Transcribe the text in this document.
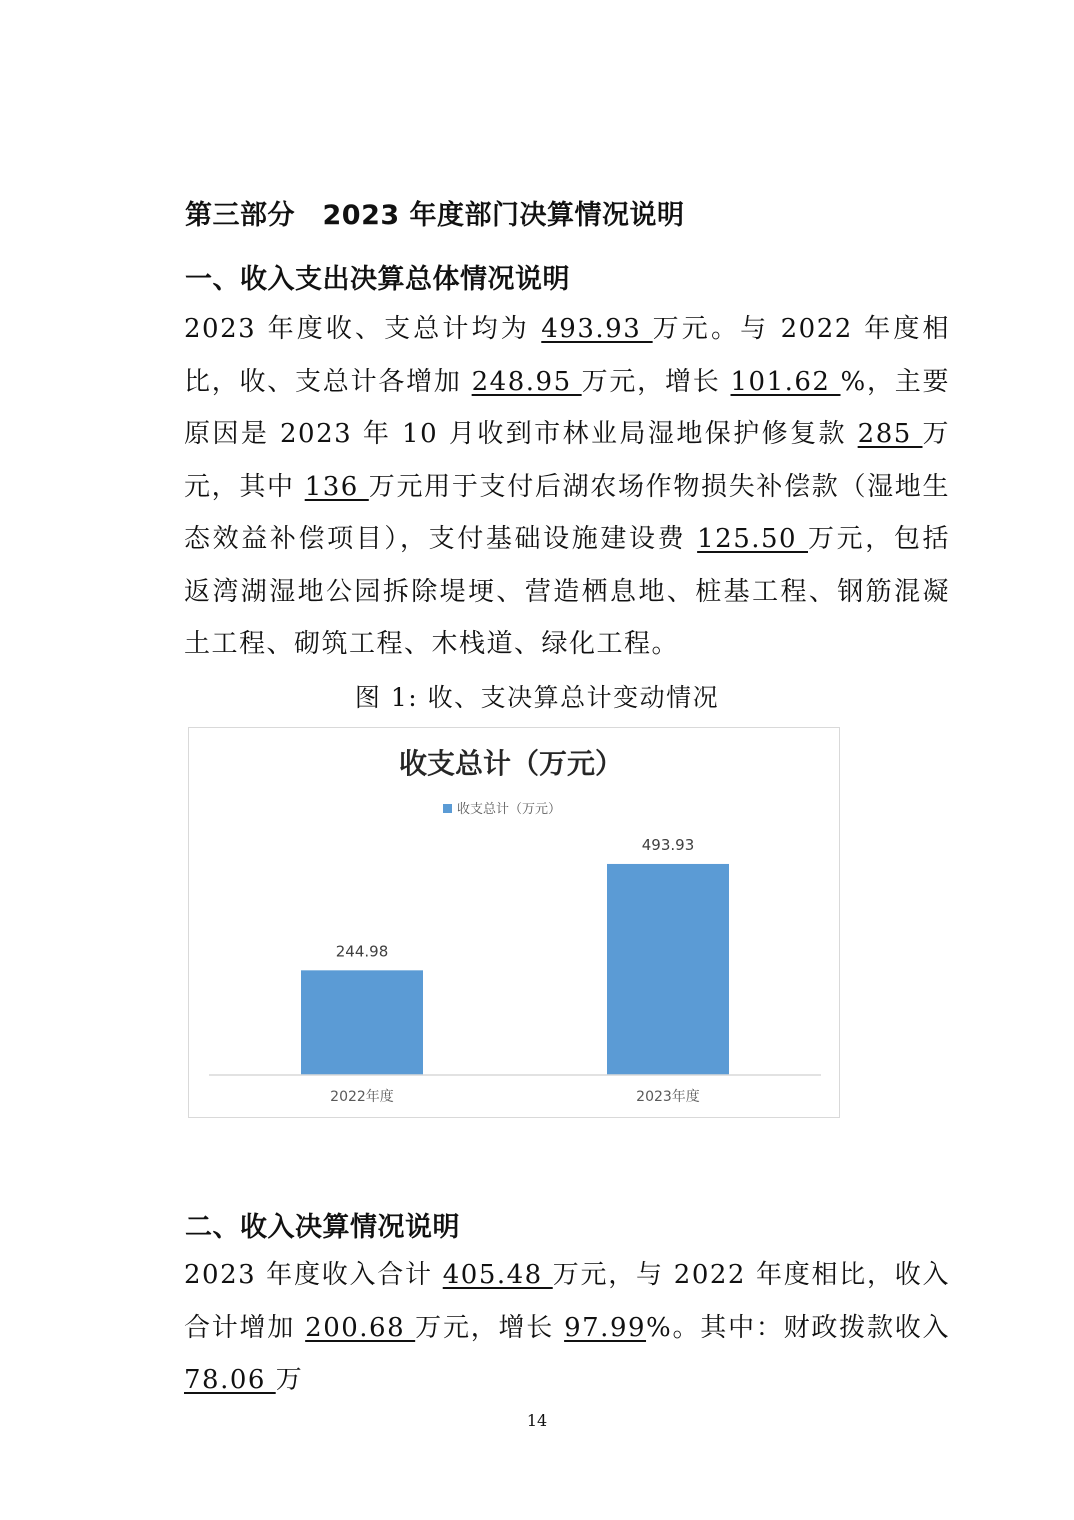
第三部分　2023 年度部门决算情况说明
一、收入支出决算总体情况说明

2023 年度收、支总计均为 493.93 万元。与 2022 年度相比，收、支总计各增加 248.95 万元，增长 101.62 %，主要原因是 2023 年 10 月收到市林业局湿地保护修复款 285 万元，其中 136 万元用于支付后湖农场作物损失补偿款（湿地生态效益补偿项目），支付基础设施建设费 125.50 万元，包括返湾湖湿地公园拆除堤埂、营造栖息地、桩基工程、钢筋混凝土工程、砌筑工程、木栈道、绿化工程。

图 1: 收、支决算总计变动情况
收支总计（万元）
收支总计（万元）
244.98
2022年度
493.93
2023年度
二、收入决算情况说明

2023 年度收入合计 405.48 万元，与 2022 年度相比，收入合计增加 200.68 万元，增长 97.99%。其中：财政拨款收入 78.06 万

14
